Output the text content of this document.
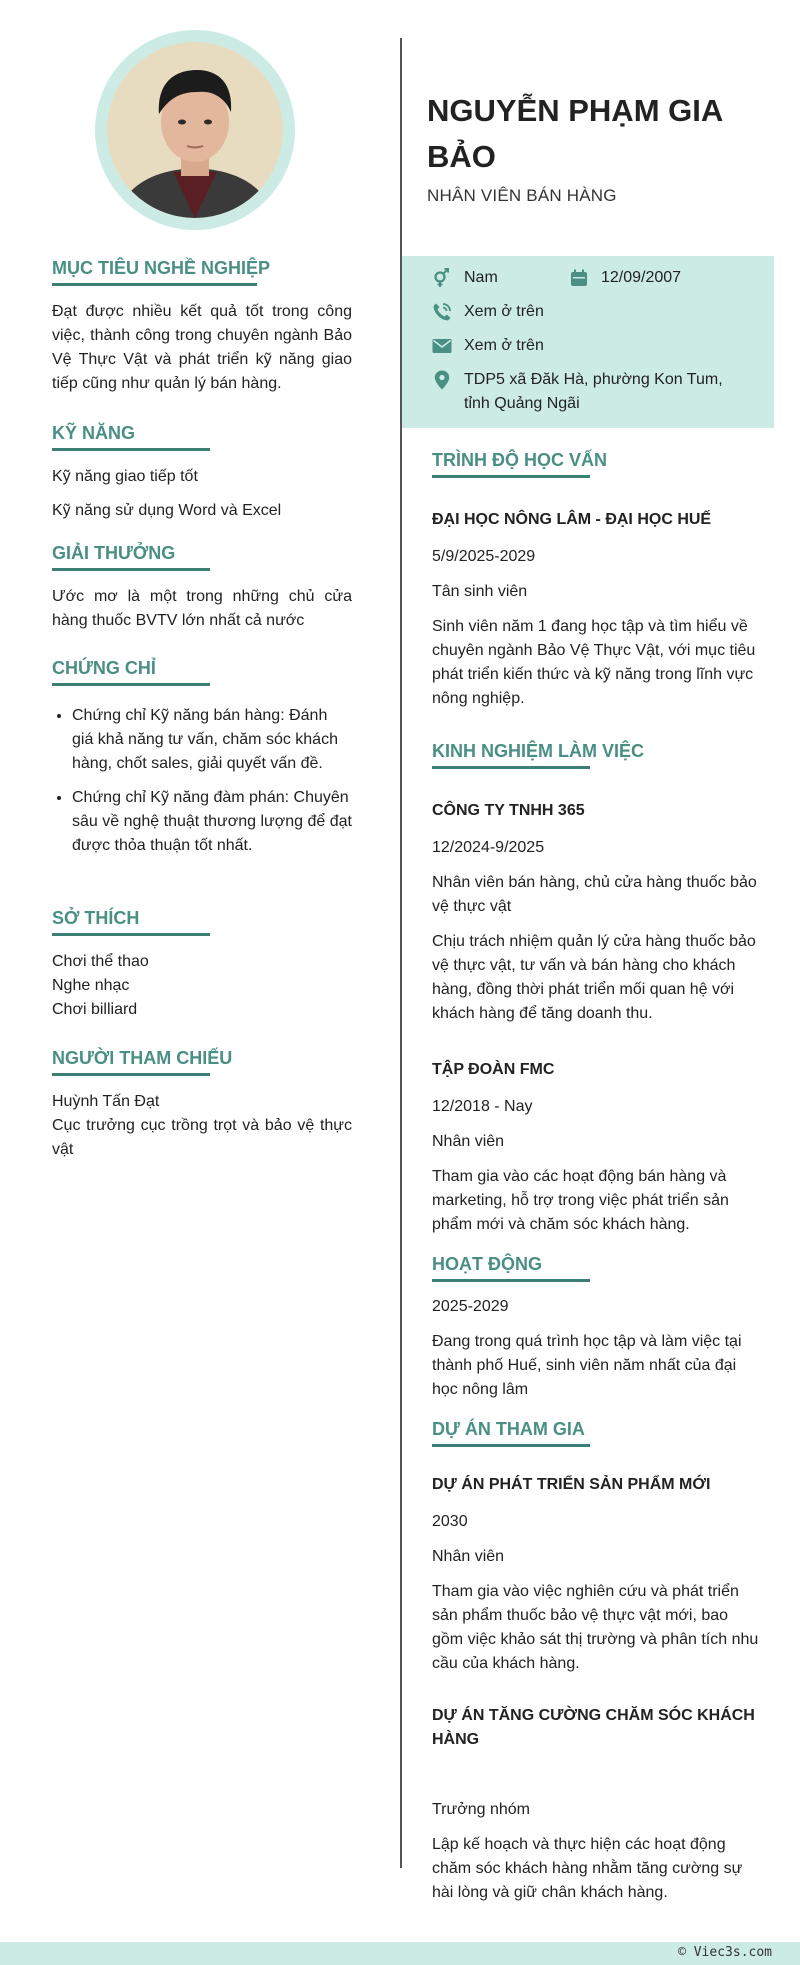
MỤC TIÊU NGHỀ NGHIỆP

Đạt được nhiều kết quả tốt trong công việc, thành công trong chuyên ngành Bảo Vệ Thực Vật và phát triển kỹ năng giao tiếp cũng như quản lý bán hàng.

KỸ NĂNG

Kỹ năng giao tiếp tốt

Kỹ năng sử dụng Word và Excel

GIẢI THƯỞNG

Ước mơ là một trong những chủ cửa hàng thuốc BVTV lớn nhất cả nước

CHỨNG CHỈ
• Chứng chỉ Kỹ năng bán hàng: Đánh giá khả năng tư vấn, chăm sóc khách hàng, chốt sales, giải quyết vấn đề.
• Chứng chỉ Kỹ năng đàm phán: Chuyên sâu về nghệ thuật thương lượng để đạt được thỏa thuận tốt nhất.
SỞ THÍCH

Chơi thể thao

Nghe nhạc

Chơi billiard

NGƯỜI THAM CHIẾU

Huỳnh Tấn Đạt

Cục trưởng cục trồng trọt và bảo vệ thực vật

NGUYỄN PHẠM GIA BẢO
NHÂN VIÊN BÁN HÀNG
Nam	12/09/2007
Xem ở trên
Xem ở trên
TDP5 xã Đăk Hà, phường Kon Tum, tỉnh Quảng Ngãi
TRÌNH ĐỘ HỌC VẤN

ĐẠI HỌC NÔNG LÂM - ĐẠI HỌC HUẾ

5/9/2025-2029

Tân sinh viên

Sinh viên năm 1 đang học tập và tìm hiểu về chuyên ngành Bảo Vệ Thực Vật, với mục tiêu phát triển kiến thức và kỹ năng trong lĩnh vực nông nghiệp.

KINH NGHIỆM LÀM VIỆC

CÔNG TY TNHH 365

12/2024-9/2025

Nhân viên bán hàng, chủ cửa hàng thuốc bảo vệ thực vật

Chịu trách nhiệm quản lý cửa hàng thuốc bảo vệ thực vật, tư vấn và bán hàng cho khách hàng, đồng thời phát triển mối quan hệ với khách hàng để tăng doanh thu.

TẬP ĐOÀN FMC

12/2018 - Nay

Nhân viên

Tham gia vào các hoạt động bán hàng và marketing, hỗ trợ trong việc phát triển sản phẩm mới và chăm sóc khách hàng.

HOẠT ĐỘNG

2025-2029

Đang trong quá trình học tập và làm việc tại thành phố Huế, sinh viên năm nhất của đại học nông lâm

DỰ ÁN THAM GIA

DỰ ÁN PHÁT TRIỂN SẢN PHẨM MỚI

2030

Nhân viên

Tham gia vào việc nghiên cứu và phát triển sản phẩm thuốc bảo vệ thực vật mới, bao gồm việc khảo sát thị trường và phân tích nhu cầu của khách hàng.

DỰ ÁN TĂNG CƯỜNG CHĂM SÓC KHÁCH HÀNG

Trưởng nhóm

Lập kế hoạch và thực hiện các hoạt động chăm sóc khách hàng nhằm tăng cường sự hài lòng và giữ chân khách hàng.

© Viec3s.com
